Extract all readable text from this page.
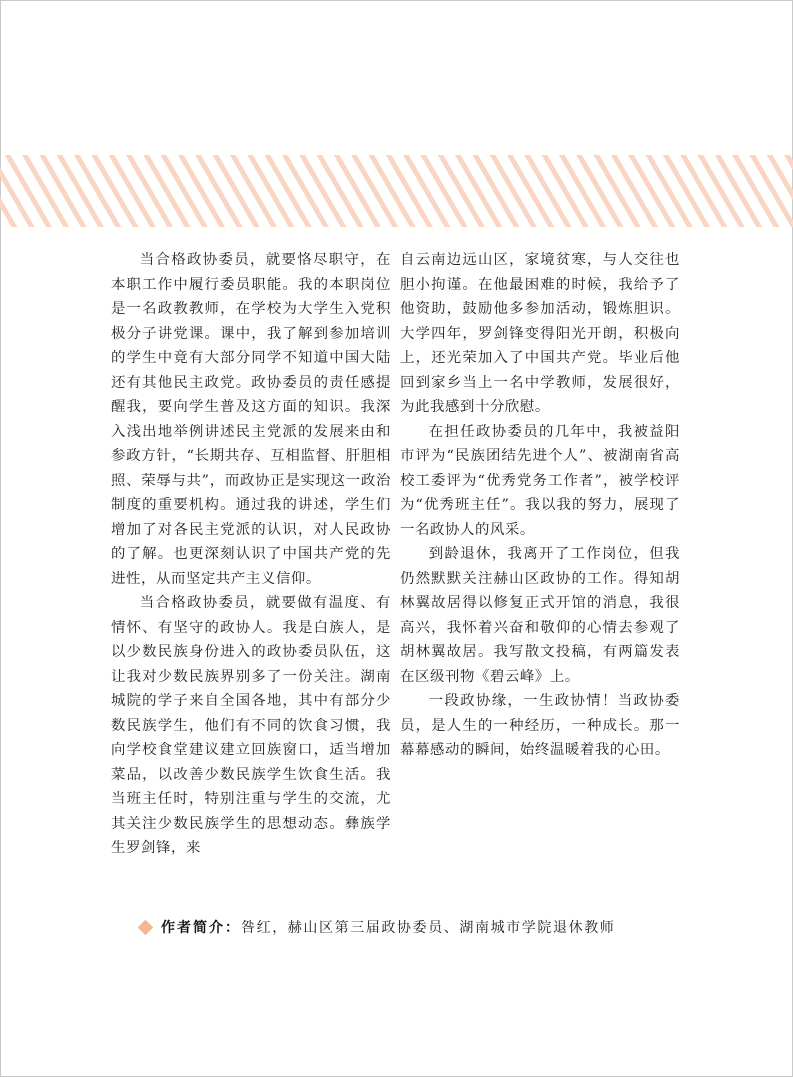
当合格政协委员，就要恪尽职守，在本职工作中履行委员职能。我的本职岗位是一名政教教师，在学校为大学生入党积极分子讲党课。课中，我了解到参加培训的学生中竟有大部分同学不知道中国大陆还有其他民主政党。政协委员的责任感提醒我，要向学生普及这方面的知识。我深入浅出地举例讲述民主党派的发展来由和参政方针，“长期共存、互相监督、肝胆相照、荣辱与共”，而政协正是实现这一政治制度的重要机构。通过我的讲述，学生们增加了对各民主党派的认识，对人民政协的了解。也更深刻认识了中国共产党的先进性，从而坚定共产主义信仰。

当合格政协委员，就要做有温度、有情怀、有坚守的政协人。我是白族人，是以少数民族身份进入的政协委员队伍，这让我对少数民族界别多了一份关注。湖南城院的学子来自全国各地，其中有部分少数民族学生，他们有不同的饮食习惯，我向学校食堂建议建立回族窗口，适当增加菜品，以改善少数民族学生饮食生活。我当班主任时，特别注重与学生的交流，尤其关注少数民族学生的思想动态。彝族学生罗剑锋，来

自云南边远山区，家境贫寒，与人交往也胆小拘谨。在他最困难的时候，我给予了他资助，鼓励他多参加活动，锻炼胆识。大学四年，罗剑锋变得阳光开朗，积极向上，还光荣加入了中国共产党。毕业后他回到家乡当上一名中学教师，发展很好，为此我感到十分欣慰。

在担任政协委员的几年中，我被益阳市评为“民族团结先进个人”、被湖南省高校工委评为“优秀党务工作者”，被学校评为“优秀班主任”。我以我的努力，展现了一名政协人的风采。

到龄退休，我离开了工作岗位，但我仍然默默关注赫山区政协的工作。得知胡林翼故居得以修复正式开馆的消息，我很高兴，我怀着兴奋和敬仰的心情去参观了胡林翼故居。我写散文投稿，有两篇发表在区级刊物《碧云峰》上。

一段政协缘，一生政协情！当政协委员，是人生的一种经历，一种成长。那一幕幕感动的瞬间，始终温暖着我的心田。

作者简介：咎红，赫山区第三届政协委员、湖南城市学院退休教师
